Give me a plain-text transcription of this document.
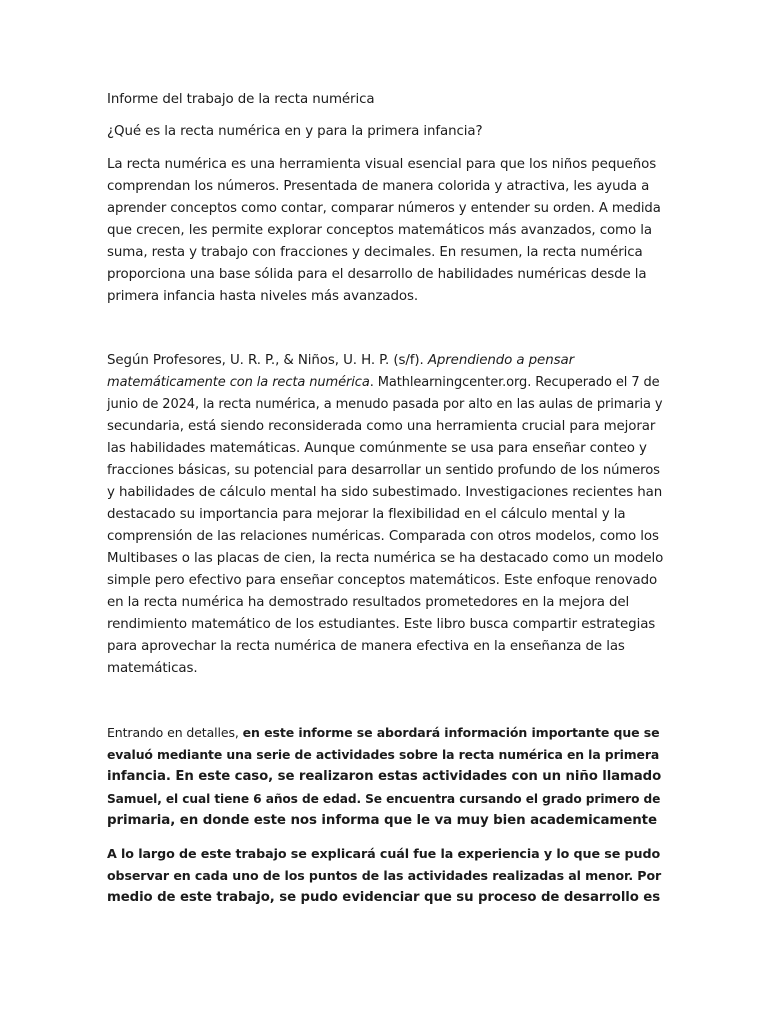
Informe del trabajo de la recta numérica
¿Qué es la recta numérica en y para la primera infancia?
La recta numérica es una herramienta visual esencial para que los niños pequeños
comprendan los números. Presentada de manera colorida y atractiva, les ayuda a
aprender conceptos como contar, comparar números y entender su orden. A medida
que crecen, les permite explorar conceptos matemáticos más avanzados, como la
suma, resta y trabajo con fracciones y decimales. En resumen, la recta numérica
proporciona una base sólida para el desarrollo de habilidades numéricas desde la
primera infancia hasta niveles más avanzados.
Según Profesores, U. R. P., & Niños, U. H. P. (s/f). Aprendiendo a pensar
matemáticamente con la recta numérica. Mathlearningcenter.org. Recuperado el 7 de
junio de 2024, la recta numérica, a menudo pasada por alto en las aulas de primaria y
secundaria, está siendo reconsiderada como una herramienta crucial para mejorar
las habilidades matemáticas. Aunque comúnmente se usa para enseñar conteo y
fracciones básicas, su potencial para desarrollar un sentido profundo de los números
y habilidades de cálculo mental ha sido subestimado. Investigaciones recientes han
destacado su importancia para mejorar la flexibilidad en el cálculo mental y la
comprensión de las relaciones numéricas. Comparada con otros modelos, como los
Multibases o las placas de cien, la recta numérica se ha destacado como un modelo
simple pero efectivo para enseñar conceptos matemáticos. Este enfoque renovado
en la recta numérica ha demostrado resultados prometedores en la mejora del
rendimiento matemático de los estudiantes. Este libro busca compartir estrategias
para aprovechar la recta numérica de manera efectiva en la enseñanza de las
matemáticas.
Entrando en detalles, en este informe se abordará información importante que se
evaluó mediante una serie de actividades sobre la recta numérica en la primera
infancia. En este caso, se realizaron estas actividades con un niño llamado
Samuel, el cual tiene 6 años de edad. Se encuentra cursando el grado primero de
primaria, en donde este nos informa que le va muy bien academicamente
A lo largo de este trabajo se explicará cuál fue la experiencia y lo que se pudo
observar en cada uno de los puntos de las actividades realizadas al menor. Por
medio de este trabajo, se pudo evidenciar que su proceso de desarrollo es
